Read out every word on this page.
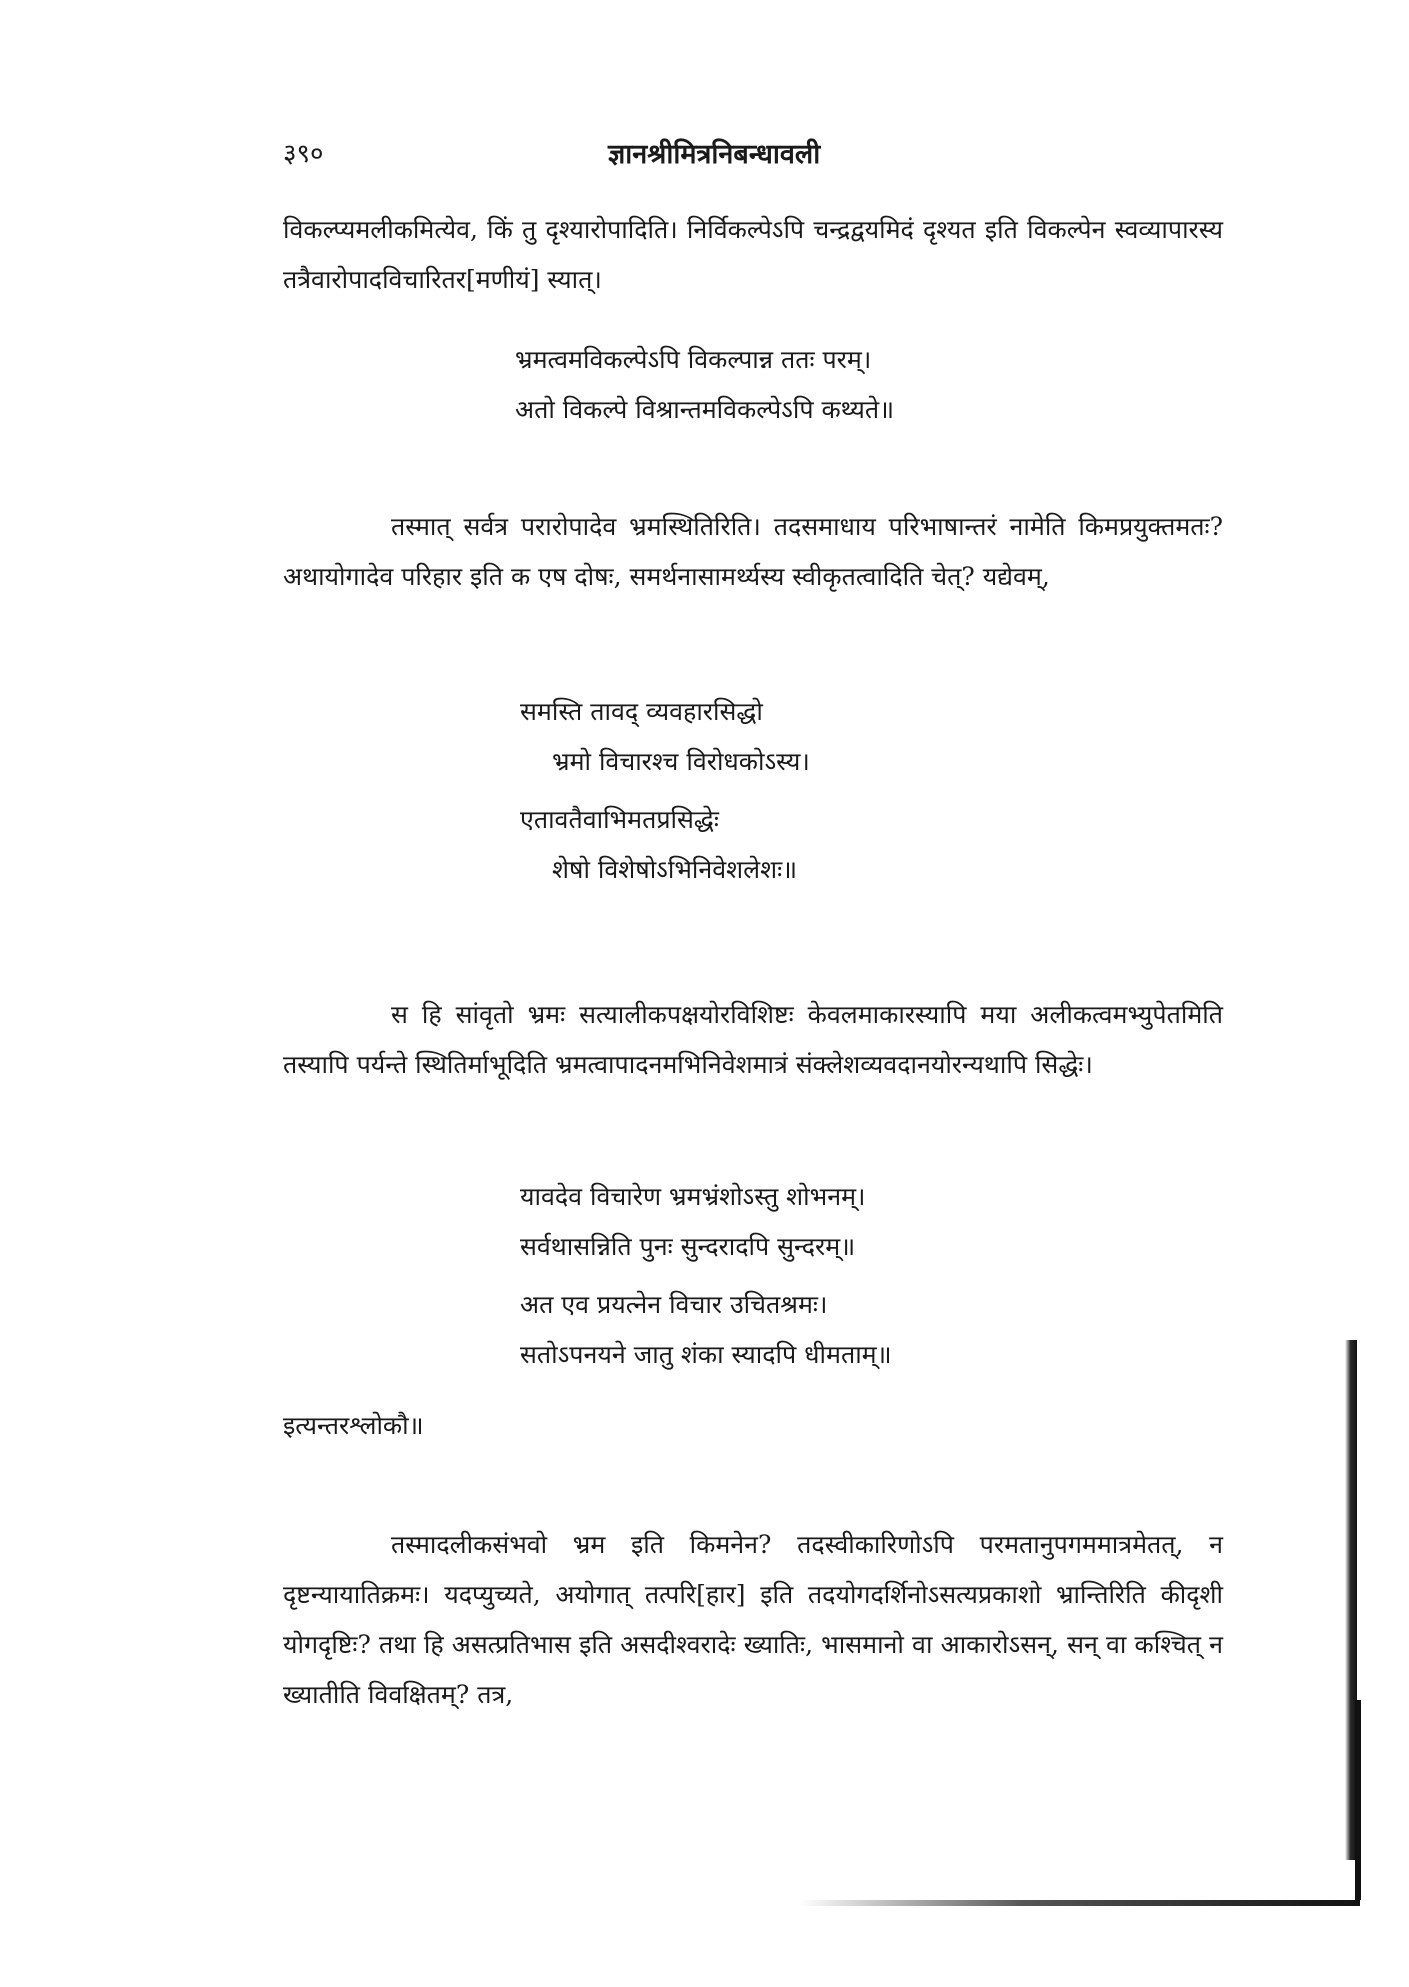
३९०	ज्ञानश्रीमित्रनिबन्धावली
विकल्प्यमलीकमित्येव, किं तु दृश्यारोपादिति। निर्विकल्पेऽपि चन्द्रद्वयमिदं दृश्यत इति विकल्पेन स्वव्यापारस्य तत्रैवारोपादविचारितर[मणीयं] स्यात्।
भ्रमत्वमविकल्पेऽपि विकल्पान्न ततः परम्।
अतो विकल्पे विश्रान्तमविकल्पेऽपि कथ्यते॥
तस्मात् सर्वत्र परारोपादेव भ्रमस्थितिरिति। तदसमाधाय परिभाषान्तरं नामेति किमप्रयुक्तमतः? अथायोगादेव परिहार इति क एष दोषः, समर्थनासामर्थ्यस्य स्वीकृतत्वादिति चेत्? यद्येवम्,
समस्ति तावद् व्यवहारसिद्धो
भ्रमो विचारश्च विरोधकोऽस्य।
एतावतैवाभिमतप्रसिद्धेः
शेषो विशेषोऽभिनिवेशलेशः॥
स हि सांवृतो भ्रमः सत्यालीकपक्षयोरविशिष्टः केवलमाकारस्यापि मया अलीकत्वमभ्युपेतमिति तस्यापि पर्यन्ते स्थितिर्माभूदिति भ्रमत्वापादनमभिनिवेशमात्रं संक्लेशव्यवदानयोरन्यथापि सिद्धेः।
यावदेव विचारेण भ्रमभ्रंशोऽस्तु शोभनम्।
सर्वथासन्निति पुनः सुन्दरादपि सुन्दरम्॥
अत एव प्रयत्नेन विचार उचितश्रमः।
सतोऽपनयने जातु शंका स्यादपि धीमताम्॥
इत्यन्तरश्लोकौ॥
तस्मादलीकसंभवो भ्रम इति किमनेन? तदस्वीकारिणोऽपि परमतानुपगममात्रमेतत्, न दृष्टन्यायातिक्रमः। यदप्युच्यते, अयोगात् तत्परि[हार] इति तदयोगदर्शिनोऽसत्यप्रकाशो भ्रान्तिरिति कीदृशी योगदृष्टिः? तथा हि असत्प्रतिभास इति असदीश्वरादेः ख्यातिः, भासमानो वा आकारोऽसन्, सन् वा कश्चित् न ख्यातीति विवक्षितम्? तत्र,
